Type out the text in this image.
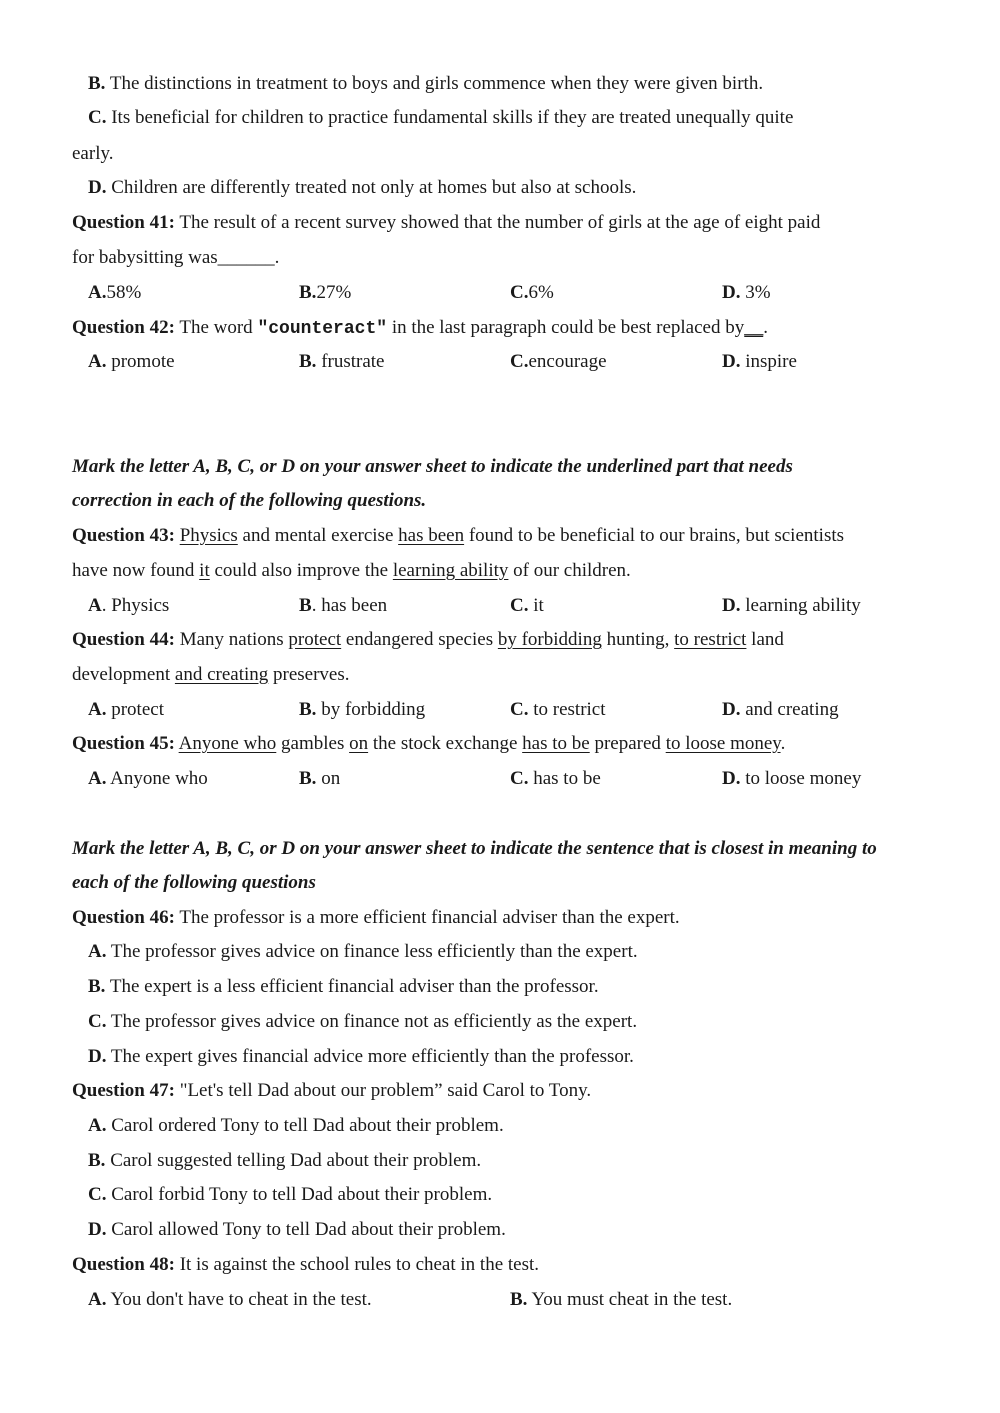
B. The distinctions in treatment to boys and girls commence when they were given birth.
C. Its beneficial for children to practice fundamental skills if they are treated unequally quite
early.
D. Children are differently treated not only at homes but also at schools.
Question 41: The result of a recent survey showed that the number of girls at the age of eight paid
for babysitting was______.
A.58%	B.27%	C.6%	D. 3%
Question 42: The word "counteract" in the last paragraph could be best replaced by__.
A. promote	B. frustrate	C.encourage	D. inspire
Mark the letter A, B, C, or D on your answer sheet to indicate the underlined part that needs
correction in each of the following questions.
Question 43: Physics and mental exercise has been found to be beneficial to our brains, but scientists
have now found it could also improve the learning ability of our children.
A. Physics	B. has been	C. it	D. learning ability
Question 44: Many nations protect endangered species by forbidding hunting, to restrict land
development and creating preserves.
A. protect	B. by forbidding	C. to restrict	D. and creating
Question 45: Anyone who gambles on the stock exchange has to be prepared to loose money.
A. Anyone who	B. on	C. has to be	D. to loose money
Mark the letter A, B, C, or D on your answer sheet to indicate the sentence that is closest in meaning to
each of the following questions
Question 46: The professor is a more efficient financial adviser than the expert.
A. The professor gives advice on finance less efficiently than the expert.
B. The expert is a less efficient financial adviser than the professor.
C. The professor gives advice on finance not as efficiently as the expert.
D. The expert gives financial advice more efficiently than the professor.
Question 47: "Let's tell Dad about our problem” said Carol to Tony.
A. Carol ordered Tony to tell Dad about their problem.
B. Carol suggested telling Dad about their problem.
C. Carol forbid Tony to tell Dad about their problem.
D. Carol allowed Tony to tell Dad about their problem.
Question 48: It is against the school rules to cheat in the test.
A. You don't have to cheat in the test.	B. You must cheat in the test.
